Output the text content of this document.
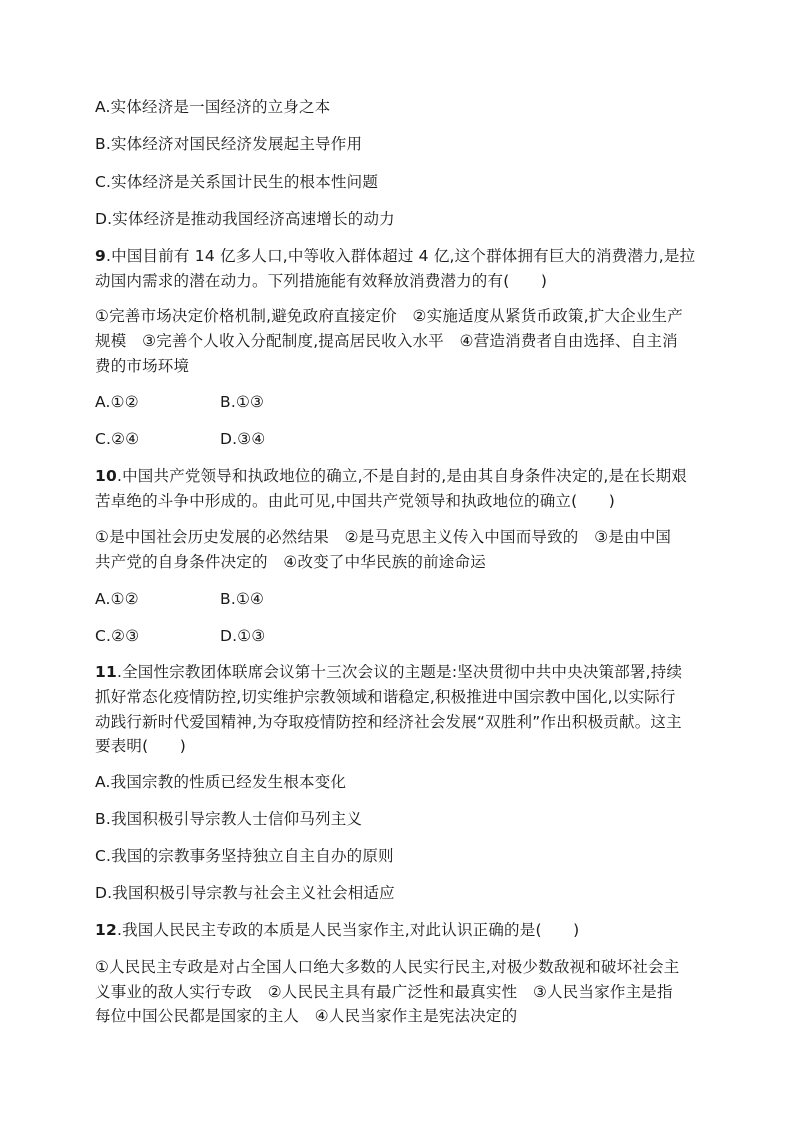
A.实体经济是一国经济的立身之本
B.实体经济对国民经济发展起主导作用
C.实体经济是关系国计民生的根本性问题
D.实体经济是推动我国经济高速增长的动力
9.中国目前有 14 亿多人口,中等收入群体超过 4 亿,这个群体拥有巨大的消费潜力,是拉
动国内需求的潜在动力。下列措施能有效释放消费潜力的有(　　)
①完善市场决定价格机制,避免政府直接定价　②实施适度从紧货币政策,扩大企业生产
规模　③完善个人收入分配制度,提高居民收入水平　④营造消费者自由选择、自主消
费的市场环境
A.①②	B.①③
C.②④	D.③④
10.中国共产党领导和执政地位的确立,不是自封的,是由其自身条件决定的,是在长期艰
苦卓绝的斗争中形成的。由此可见,中国共产党领导和执政地位的确立(　　)
①是中国社会历史发展的必然结果　②是马克思主义传入中国而导致的　③是由中国
共产党的自身条件决定的　④改变了中华民族的前途命运
A.①②	B.①④
C.②③	D.①③
11.全国性宗教团体联席会议第十三次会议的主题是:坚决贯彻中共中央决策部署,持续
抓好常态化疫情防控,切实维护宗教领域和谐稳定,积极推进中国宗教中国化,以实际行
动践行新时代爱国精神,为夺取疫情防控和经济社会发展“双胜利”作出积极贡献。这主
要表明(　　)
A.我国宗教的性质已经发生根本变化
B.我国积极引导宗教人士信仰马列主义
C.我国的宗教事务坚持独立自主自办的原则
D.我国积极引导宗教与社会主义社会相适应
12.我国人民民主专政的本质是人民当家作主,对此认识正确的是(　　)
①人民民主专政是对占全国人口绝大多数的人民实行民主,对极少数敌视和破坏社会主
义事业的敌人实行专政　②人民民主具有最广泛性和最真实性　③人民当家作主是指
每位中国公民都是国家的主人　④人民当家作主是宪法决定的
